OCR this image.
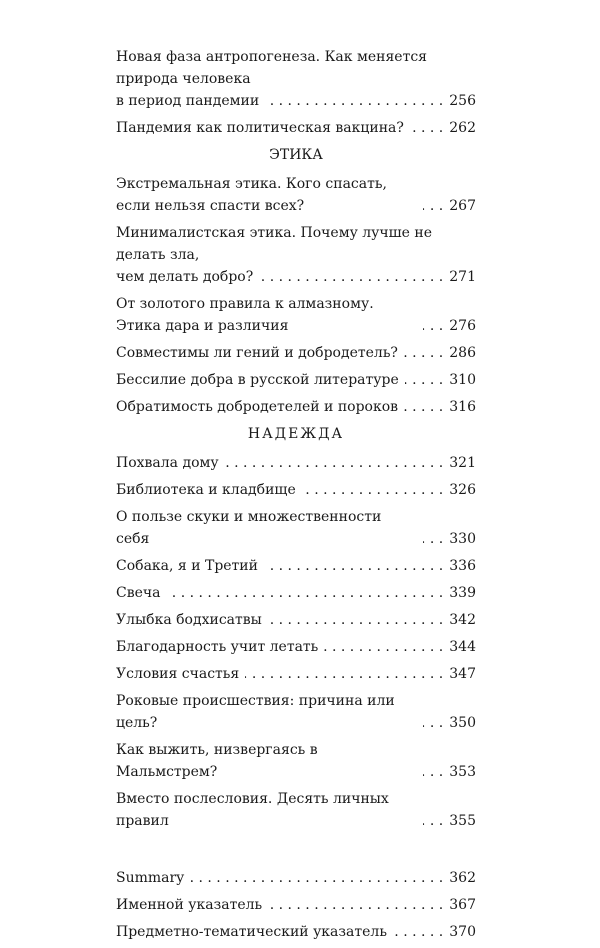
Новая фаза антропогенеза. Как меняется природа человека
в период пандемии . . .	256
Пандемия как политическая вакцина? . . .	262
ЭТИКА
Экстремальная этика. Кого спасать, если нельзя спасти всех? . . .	267
Минималистская этика. Почему лучше не делать зла,
чем делать добро? . . .	271
От золотого правила к алмазному. Этика дара и различия . . .	276
Совместимы ли гений и добродетель? . . .	286
Бессилие добра в русской литературе . . .	310
Обратимость добродетелей и пороков . . .	316
НАДЕЖДА
Похвала дому . . .	321
Библиотека и кладбище . . .	326
О пользе скуки и множественности себя . . .	330
Собака, я и Третий . . .	336
Свеча . . .	339
Улыбка бодхисатвы . . .	342
Благодарность учит летать . . .	344
Условия счастья . . .	347
Роковые происшествия: причина или цель? . . .	350
Как выжить, низвергаясь в Мальмстрем? . . .	353
Вместо послесловия. Десять личных правил . . .	355
Summary . . .	362
Именной указатель . . .	367
Предметно-тематический указатель . . .	370
